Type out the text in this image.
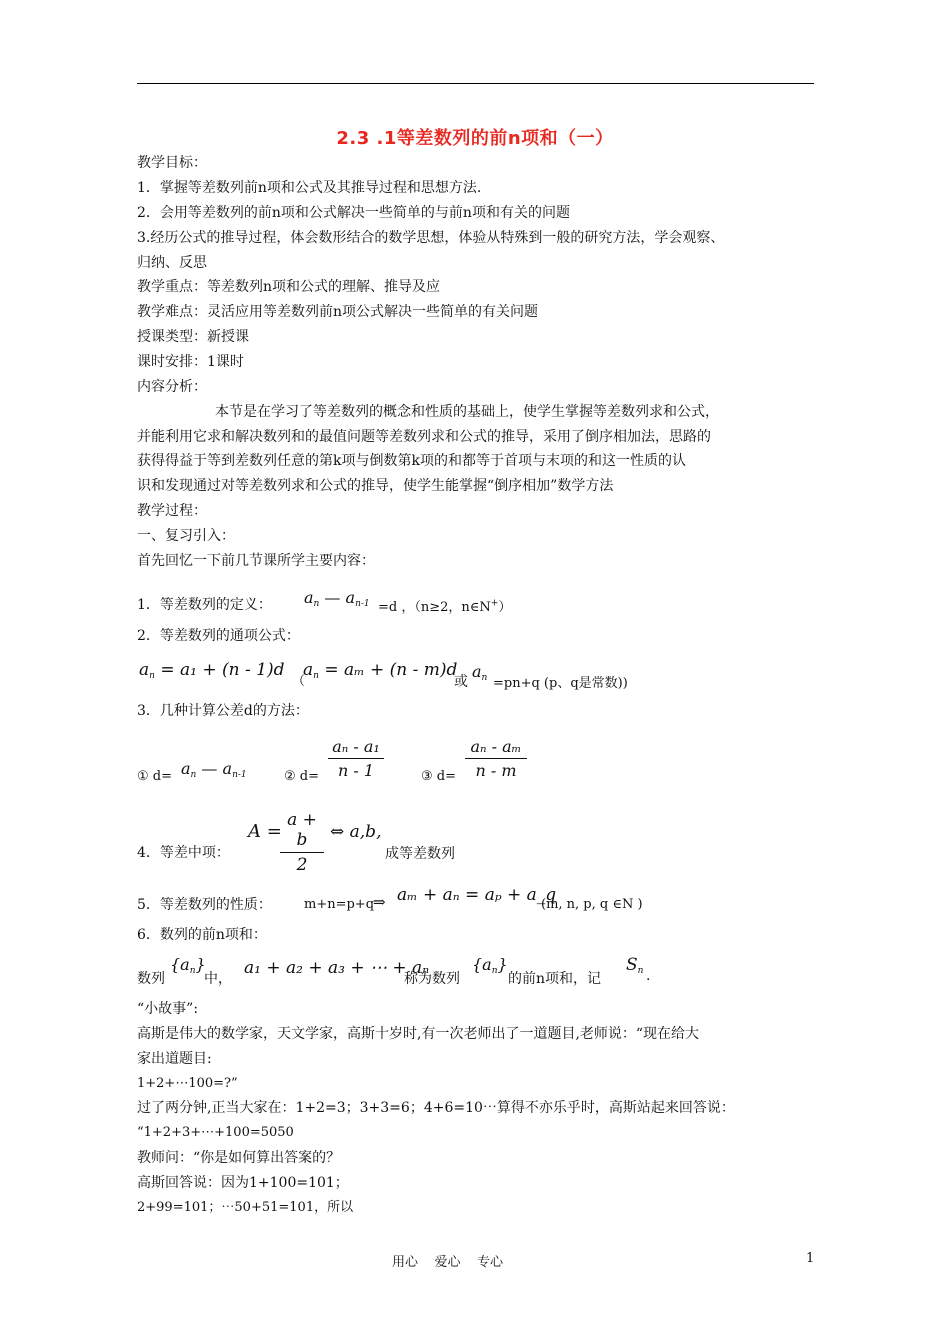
2.3 .1等差数列的前n项和（一）
教学目标：
1．掌握等差数列前n项和公式及其推导过程和思想方法.
2．会用等差数列的前n项和公式解决一些简单的与前n项和有关的问题
3.经历公式的推导过程，体会数形结合的数学思想，体验从特殊到一般的研究方法，学会观察、
归纳、反思
教学重点：等差数列n项和公式的理解、推导及应
教学难点：灵活应用等差数列前n项公式解决一些简单的有关问题
授课类型：新授课
课时安排：1课时
内容分析：
本节是在学习了等差数列的概念和性质的基础上，使学生掌握等差数列求和公式，
并能利用它求和解决数列和的最值问题等差数列求和公式的推导，采用了倒序相加法，思路的
获得得益于等到差数列任意的第k项与倒数第k项的和都等于首项与末项的和这一性质的认
识和发现通过对等差数列求和公式的推导，使学生能掌握“倒序相加”数学方法
教学过程：
一、复习引入：
首先回忆一下前几节课所学主要内容：
1．等差数列的定义： $a_n$ — $a_{n-1} =d$ ，（n≥2，n∈N+）
2．等差数列的通项公式：
$a_n = a_1 + (n - 1)d$
（
$a_n = a_m + (n - m)d$
或
$a_n =pn+q$ (p、q是常数))
3．几种计算公差d的方法：
① $d= a_n$ — $a_{n-1}$	② d=
aₙ - a₁
n - 1	③ d=
aₙ - aₘ
n - m
4．等差中项：
A =
a + b
2
⇔ a,b,
成等差数列
5．等差数列的性质： m+n=p+q
⇒ aₘ + aₙ = aₚ + a_q
(m, n, p, q ∈N )
6．数列的前n项和：
数列
$\{a_n\}$
中，
a₁ + a₂ + a₃ + ⋯ + aₙ
称为数列
$\{a_n\}$
的前n项和，记
$S_n$ .
“小故事”:
高斯是伟大的数学家，天文学家，高斯十岁时,有一次老师出了一道题目,老师说：“现在给大
家出道题目:
1+2+⋯100=?”
过了两分钟,正当大家在：1+2=3；3+3=6；4+6=10⋯算得不亦乐乎时，高斯站起来回答说：
“1+2+3+⋯+100=5050
教师问：“你是如何算出答案的？
高斯回答说：因为1+100=101；
2+99=101；⋯50+51=101，所以
用心    爱心    专心	1
